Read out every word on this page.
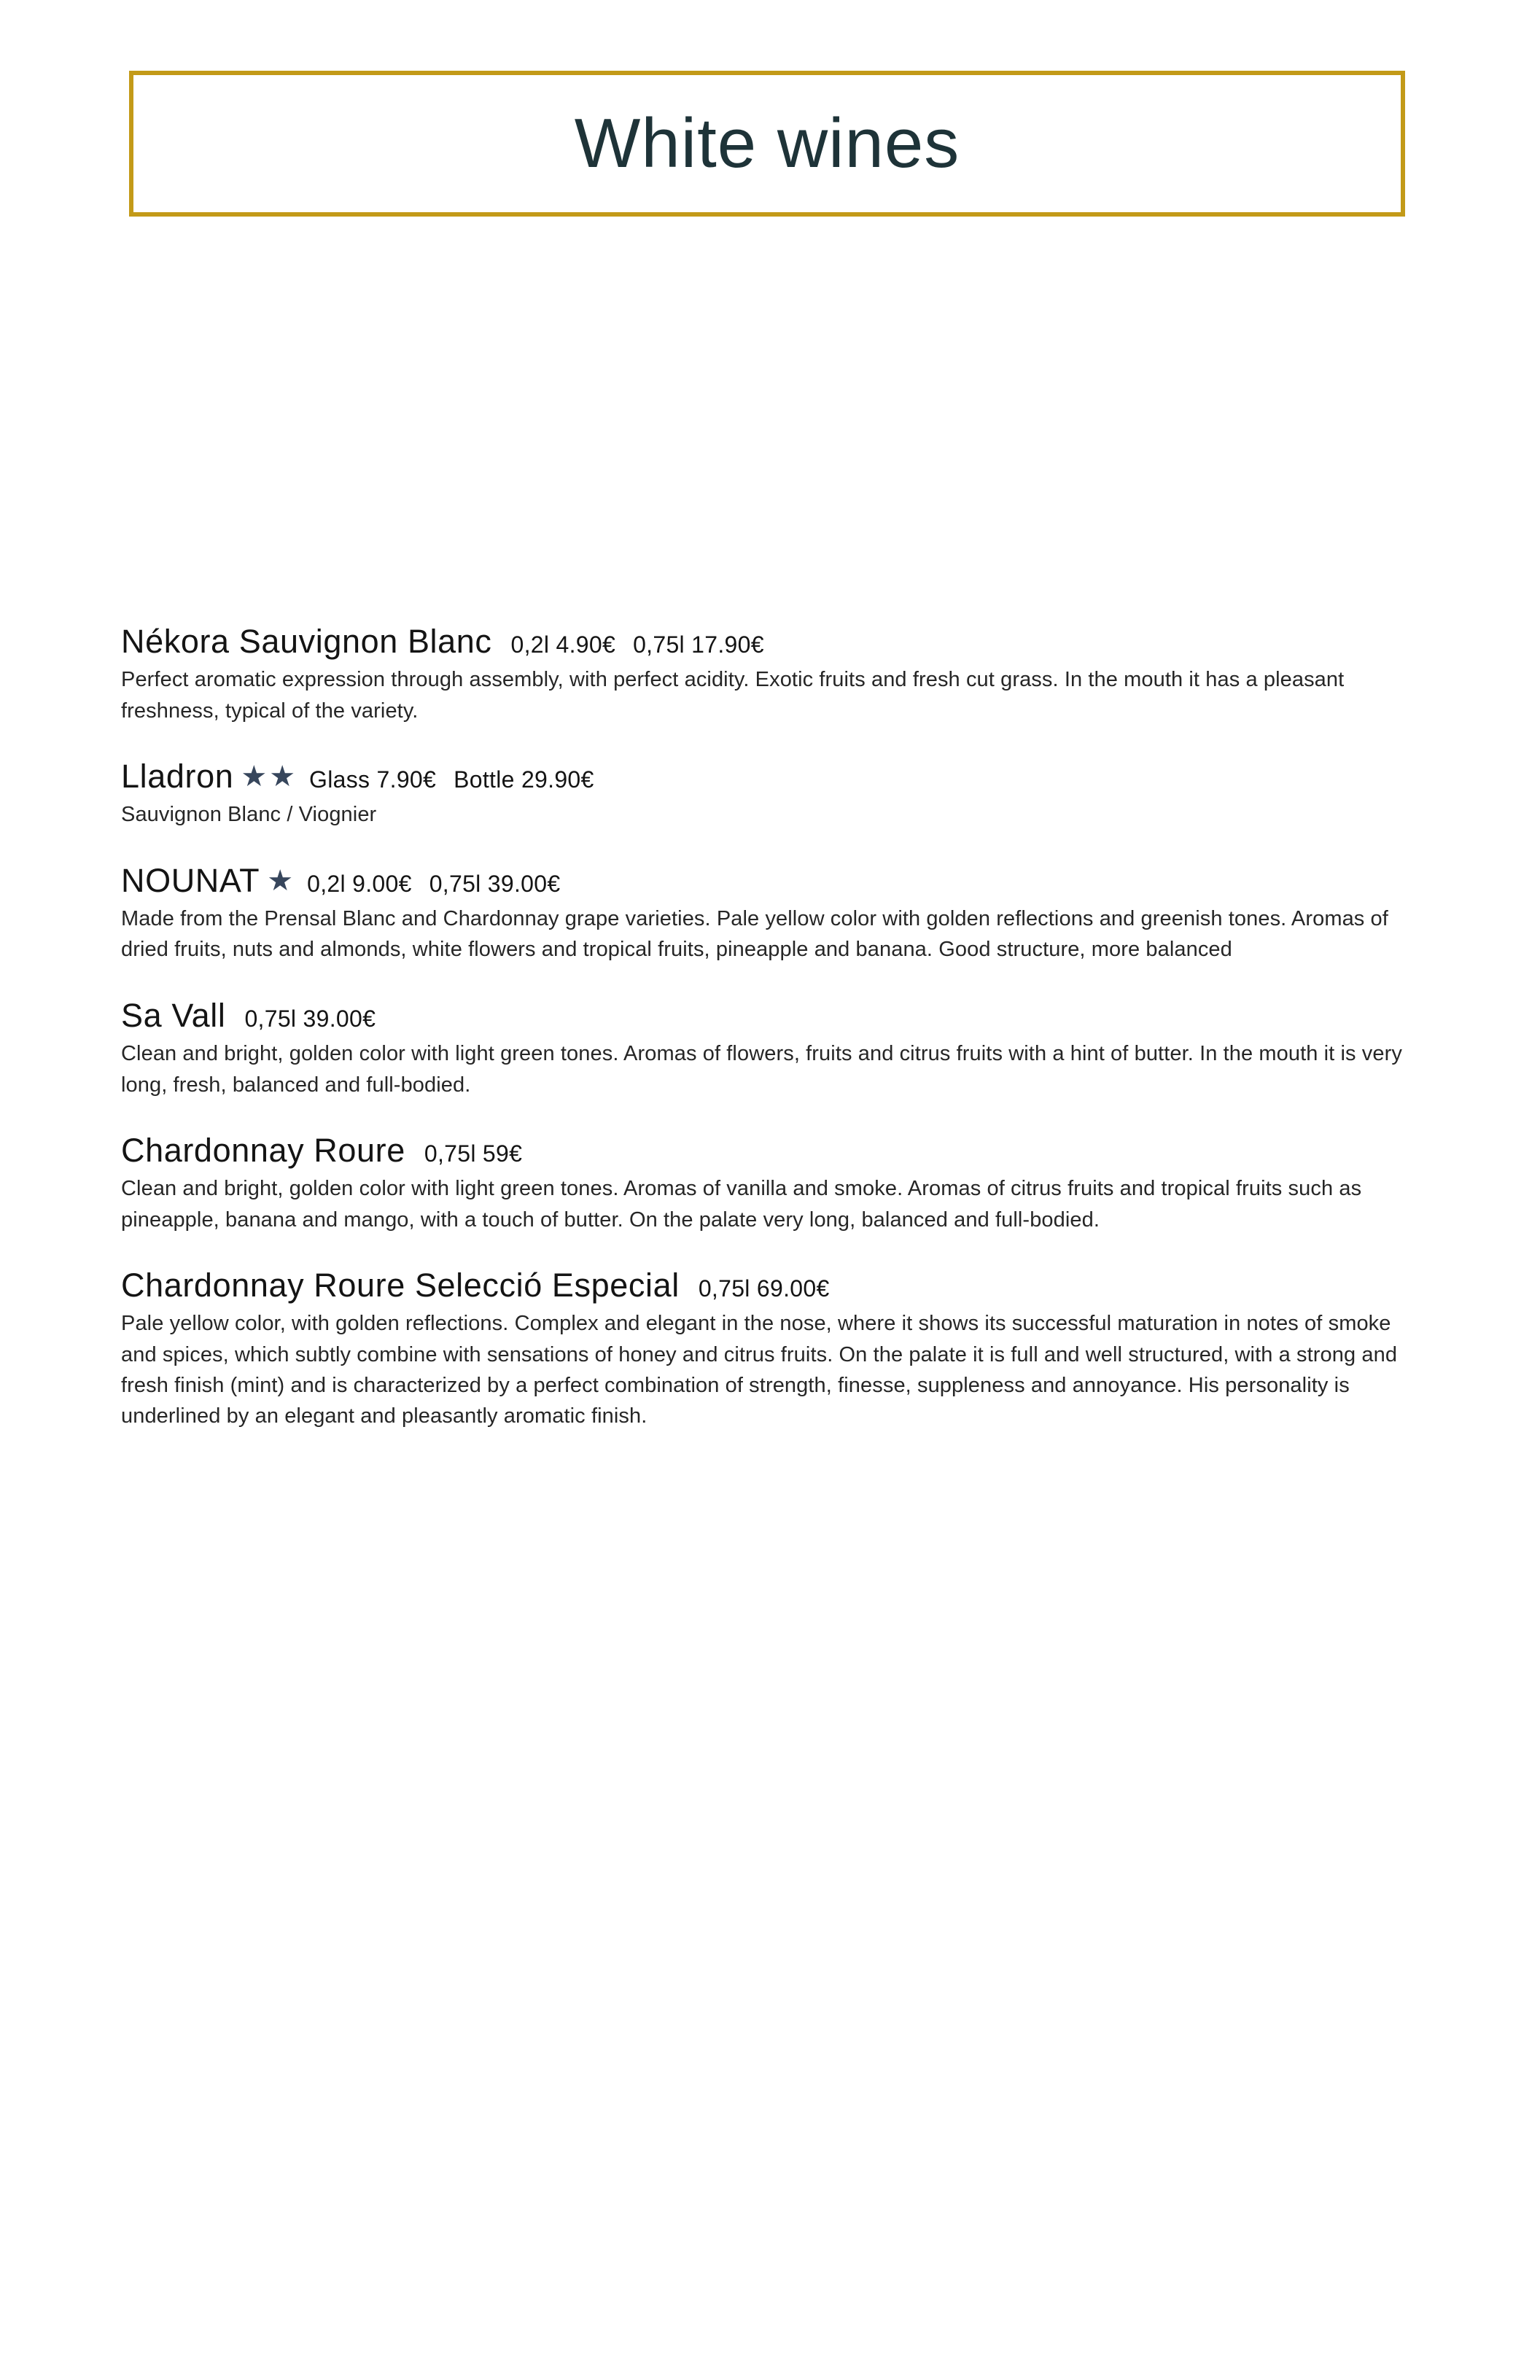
White wines
Nékora Sauvignon Blanc 0,2l 4.90€ 0,75l 17.90€

Perfect aromatic expression through assembly, with perfect acidity. Exotic fruits and fresh cut grass. In the mouth it has a pleasant freshness, typical of the variety.

Lladron ★★ Glass 7.90€ Bottle 29.90€

Sauvignon Blanc / Viognier

NOUNAT ★ 0,2l 9.00€ 0,75l 39.00€

Made from the Prensal Blanc and Chardonnay grape varieties. Pale yellow color with golden reflections and greenish tones. Aromas of dried fruits, nuts and almonds, white flowers and tropical fruits, pineapple and banana. Good structure, more balanced

Sa Vall 0,75l 39.00€

Clean and bright, golden color with light green tones. Aromas of flowers, fruits and citrus fruits with a hint of butter. In the mouth it is very long, fresh, balanced and full-bodied.

Chardonnay Roure 0,75l 59€

Clean and bright, golden color with light green tones. Aromas of vanilla and smoke. Aromas of citrus fruits and tropical fruits such as pineapple, banana and mango, with a touch of butter. On the palate very long, balanced and full-bodied.

Chardonnay Roure Selecció Especial 0,75l 69.00€

Pale yellow color, with golden reflections. Complex and elegant in the nose, where it shows its successful maturation in notes of smoke and spices, which subtly combine with sensations of honey and citrus fruits. On the palate it is full and well structured, with a strong and fresh finish (mint) and is characterized by a perfect combination of strength, finesse, suppleness and annoyance. His personality is underlined by an elegant and pleasantly aromatic finish.
